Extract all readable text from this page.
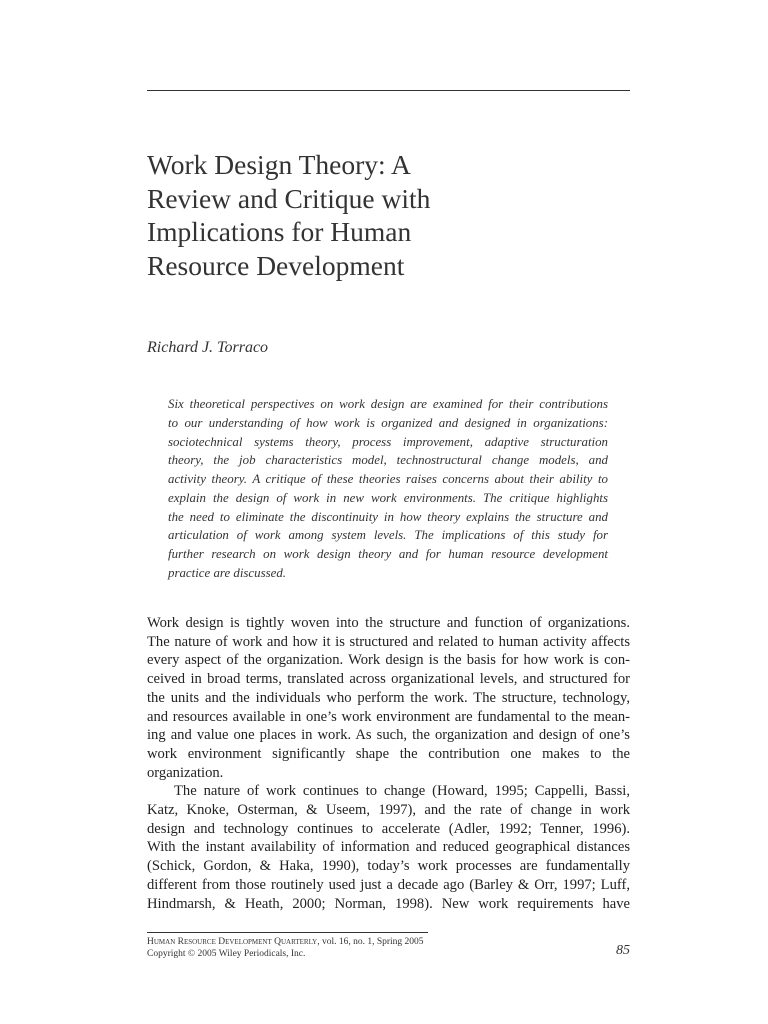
Work Design Theory: A
Review and Critique with
Implications for Human
Resource Development
Richard J. Torraco
Six theoretical perspectives on work design are examined for their contributions
to our understanding of how work is organized and designed in organizations:
sociotechnical systems theory, process improvement, adaptive structuration
theory, the job characteristics model, technostructural change models, and
activity theory. A critique of these theories raises concerns about their ability to
explain the design of work in new work environments. The critique highlights
the need to eliminate the discontinuity in how theory explains the structure and
articulation of work among system levels. The implications of this study for
further research on work design theory and for human resource development
practice are discussed.
Work design is tightly woven into the structure and function of organizations.
The nature of work and how it is structured and related to human activity affects
every aspect of the organization. Work design is the basis for how work is con-
ceived in broad terms, translated across organizational levels, and structured for
the units and the individuals who perform the work. The structure, technology,
and resources available in one’s work environment are fundamental to the mean-
ing and value one places in work. As such, the organization and design of one’s
work environment significantly shape the contribution one makes to the
organization.
The nature of work continues to change (Howard, 1995; Cappelli, Bassi,
Katz, Knoke, Osterman, & Useem, 1997), and the rate of change in work
design and technology continues to accelerate (Adler, 1992; Tenner, 1996).
With the instant availability of information and reduced geographical distances
(Schick, Gordon, & Haka, 1990), today’s work processes are fundamentally
different from those routinely used just a decade ago (Barley & Orr, 1997; Luff,
Hindmarsh, & Heath, 2000; Norman, 1998). New work requirements have
Human Resource Development Quarterly, vol. 16, no. 1, Spring 2005
Copyright © 2005 Wiley Periodicals, Inc.	85
